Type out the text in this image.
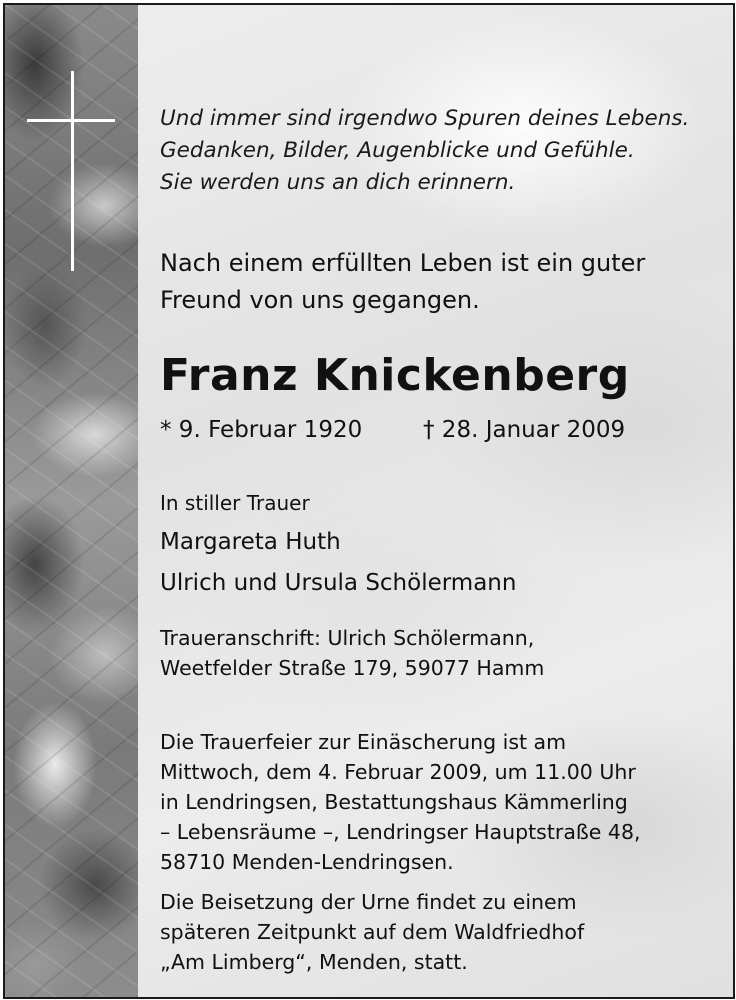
Und immer sind irgendwo Spuren deines Lebens.
Gedanken, Bilder, Augenblicke und Gefühle.
Sie werden uns an dich erinnern.

Nach einem erfüllten Leben ist ein guter
Freund von uns gegangen.

Franz Knickenberg

* 9. Februar 1920	† 28. Januar 2009

In stiller Trauer

Margareta Huth

Ulrich und Ursula Schölermann

Traueranschrift: Ulrich Schölermann,
Weetfelder Straße 179, 59077 Hamm

Die Trauerfeier zur Einäscherung ist am
Mittwoch, dem 4. Februar 2009, um 11.00 Uhr
in Lendringsen, Bestattungshaus Kämmerling
– Lebensräume –, Lendringser Hauptstraße 48,
58710 Menden-Lendringsen.

Die Beisetzung der Urne findet zu einem
späteren Zeitpunkt auf dem Waldfriedhof
„Am Limberg“, Menden, statt.
